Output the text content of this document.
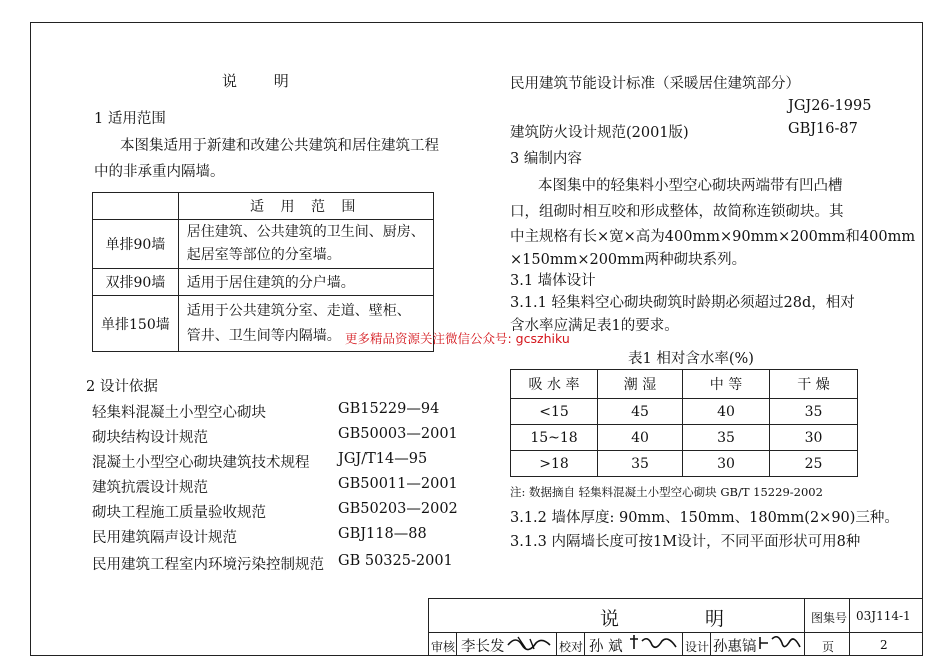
说 明
1 适用范围
本图集适用于新建和改建公共建筑和居住建筑工程
中的非承重内隔墙。
	适 用 范 围
单排90墙	居住建筑、公共建筑的卫生间、厨房、
起居室等部位的分室墙。

双排90墙	适用于居住建筑的分户墙。
单排150墙	适用于公共建筑分室、走道、壁柜、
管井、卫生间等内隔墙。 更多精品资源关注微信公众号: gcszhiku
2 设计依据
轻集料混凝土小型空心砌块	GB15229—94
砌块结构设计规范	GB50003—2001
混凝土小型空心砌块建筑技术规程 JGJ/T14—95
建筑抗震设计规范	GB50011—2001
砌块工程施工质量验收规范	GB50203—2002
民用建筑隔声设计规范	GBJ118—88
民用建筑工程室内环境污染控制规范 GB 50325-2001
民用建筑节能设计标准（采暖居住建筑部分）
JGJ26-1995
建筑防火设计规范(2001版)	GBJ16-87
3 编制内容
本图集中的轻集料小型空心砌块两端带有凹凸槽
口，组砌时相互咬和形成整体，故简称连锁砌块。其
中主规格有长×宽×高为400mm×90mm×200mm和400mm
×150mm×200mm两种砌块系列。
3.1 墙体设计
3.1.1 轻集料空心砌块砌筑时龄期必须超过28d，相对
含水率应满足表1的要求。
表1 相对含水率(%)
吸 水 率	潮 湿	中 等	干 燥
<15	45	40	35
15~18	40	35	30
>18	35	30	25
注: 数据摘自 轻集料混凝土小型空心砌块 GB/T 15229-2002
3.1.2 墙体厚度: 90mm、150mm、180mm(2×90)三种。
3.1.3 内隔墙长度可按1M设计，不同平面形状可用8种
说 明	图集号 03J114-1
审核 李长发	校对 孙 斌	设计 孙惠镐	页	2
